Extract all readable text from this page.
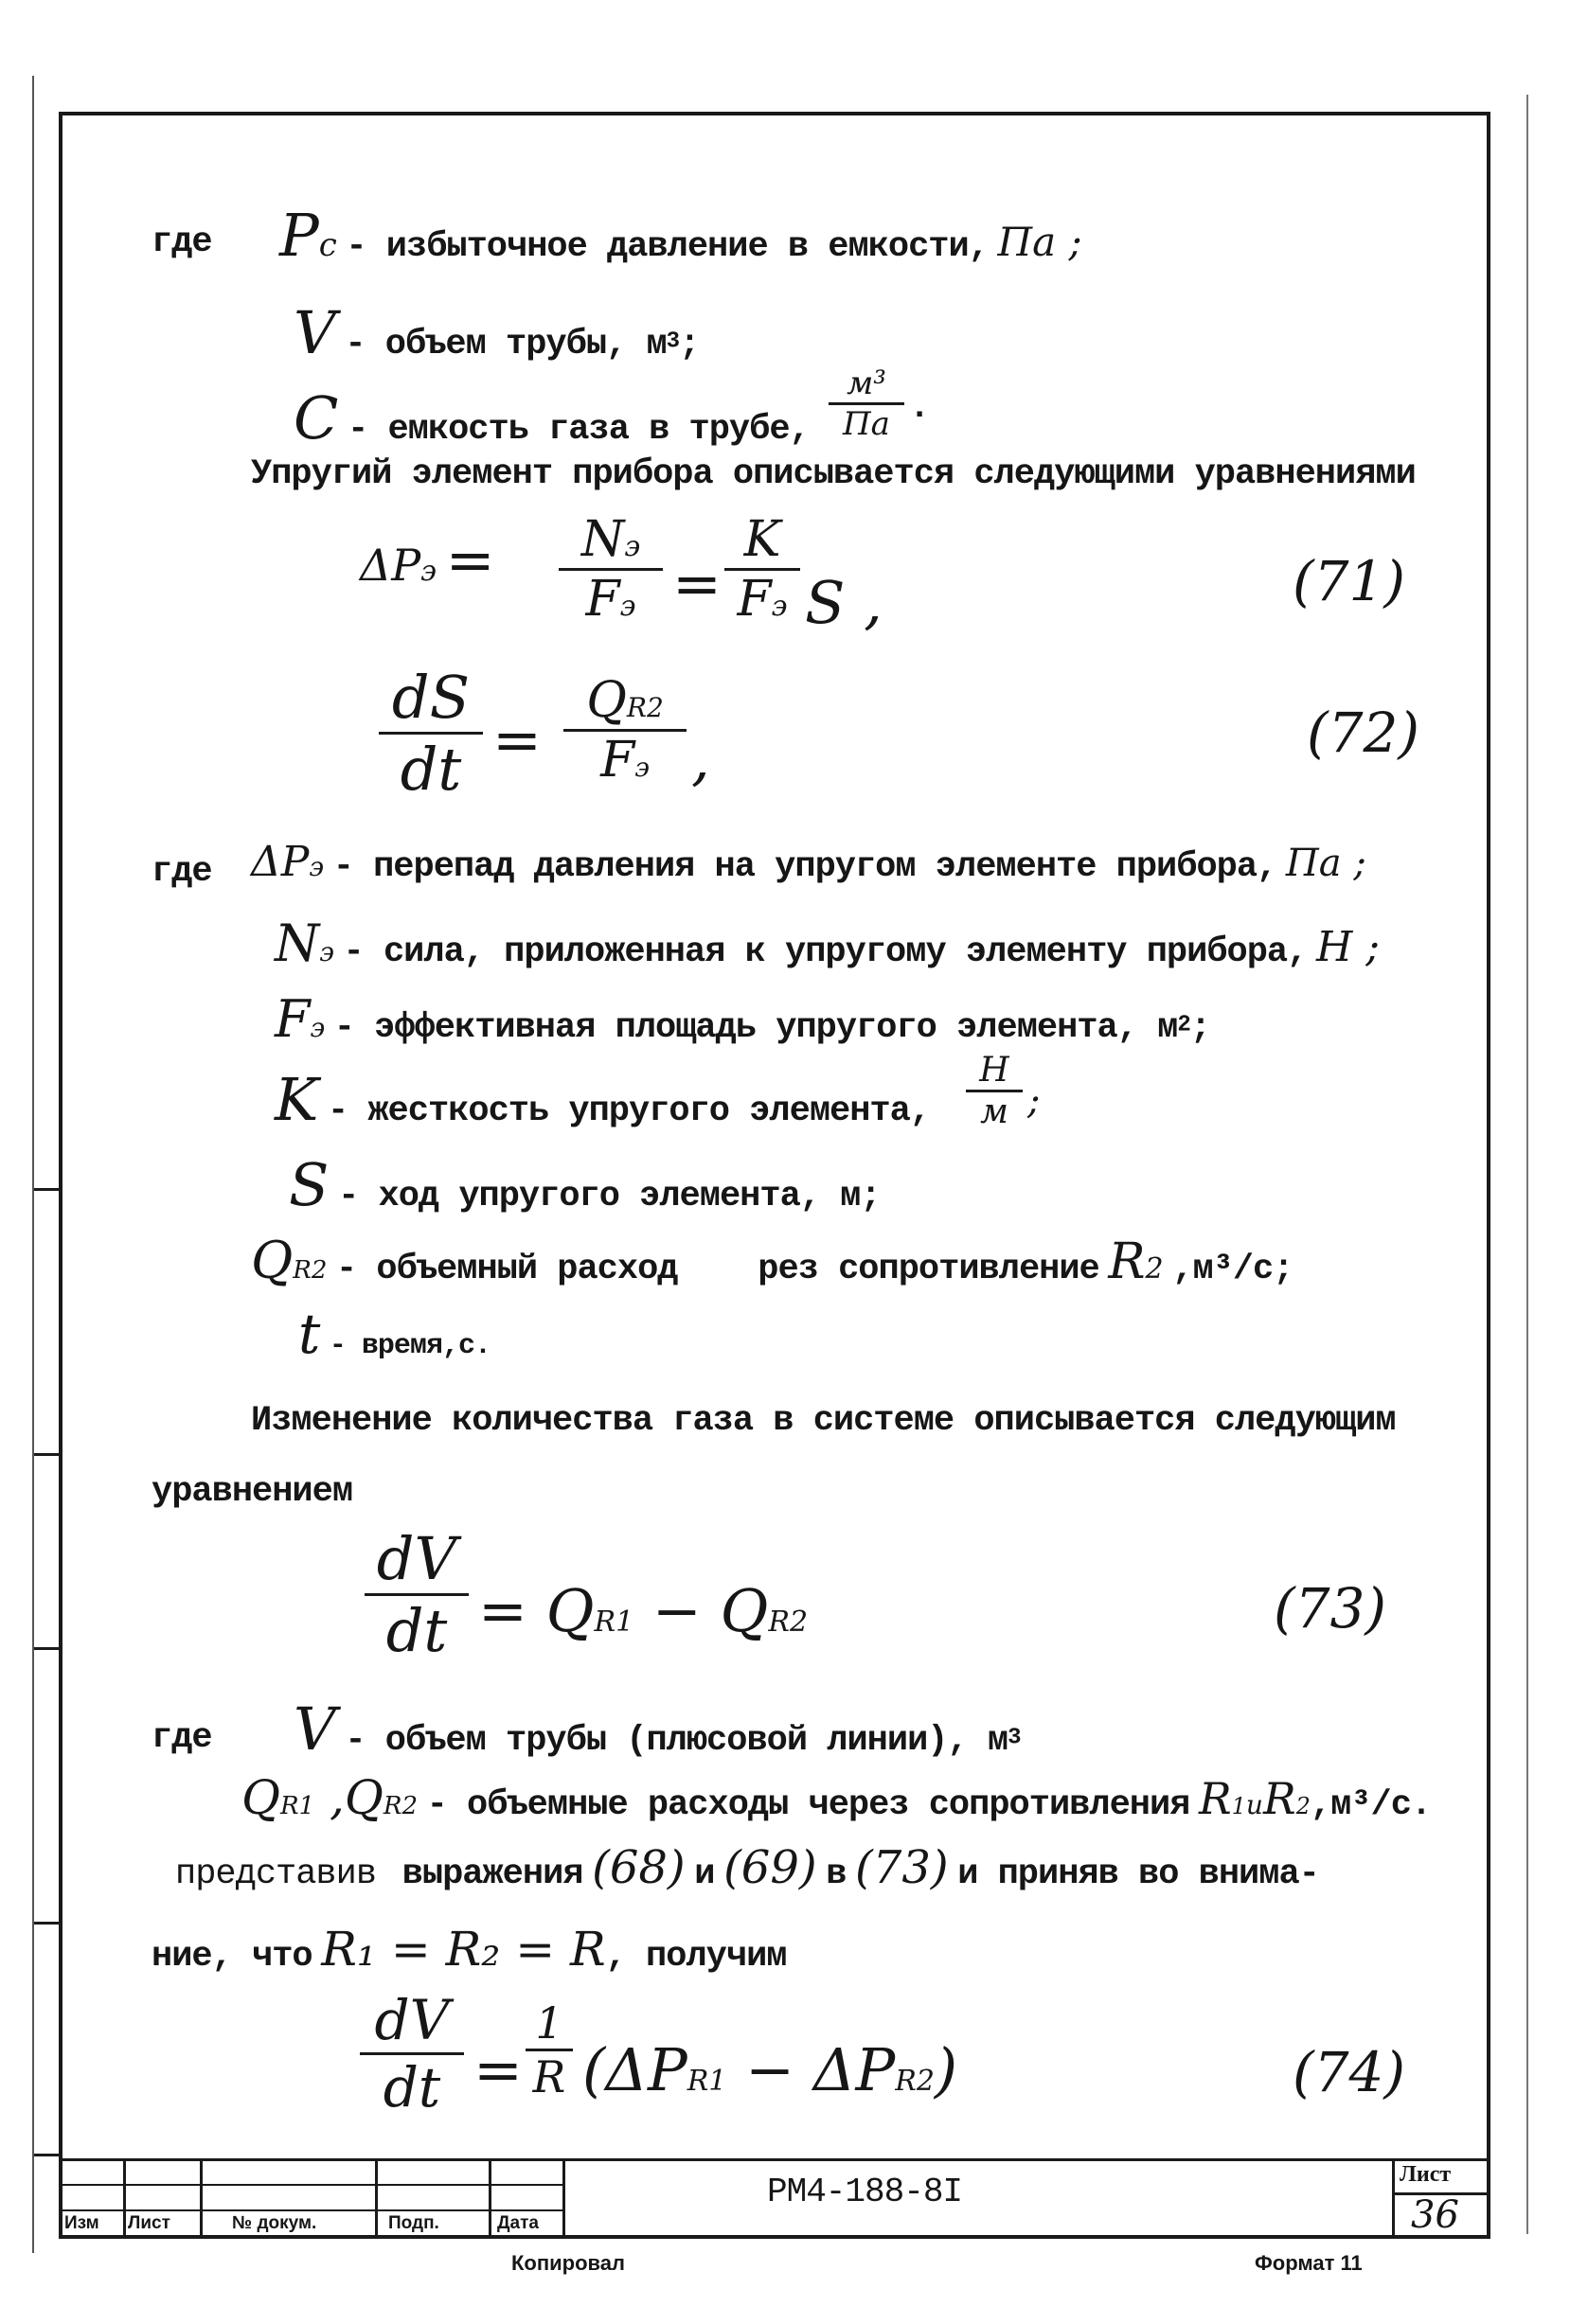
где Pc - избыточное давление в емкости, Па ;
V - объем трубы, $м^3$;
C - емкость газа в трубе,
м³
Па .
Упругий элемент прибора описывается следующими уравнениями
ΔPэ =	Nэ
Fэ =
K
Fэ S ,	(71)
dS
dt =
QR2
Fэ ,	(72)
где ΔPэ - перепад давления на упругом элементе прибора, Па ;
Nэ - сила, приложенная к упругому элементу прибора, Н ;
Fэ - эффективная площадь упругого элемента, $м^2$;
K - жесткость упругого элемента,
Н
м ;
S - ход упругого элемента, м;
QR2 - объемный расход    рез сопротивление R2 ,м³/с;
t - время,с.
Изменение количества газа в системе описывается следующим
уравнением
dV
dt = QR1 − QR2	(73)
где V - объем трубы (плюсовой линии), $м^3$
QR1 ,QR2 - объемные расходы через сопротивления R1иR2,м³/с.
представив выражения (68) и (69) в (73) и приняв во внима-
ние, что R₁ = R₂ = R, получим
dV
dt =
1
R (ΔPR1 − ΔPR2)	(74)
РМ4-188-8I	Лист
36
Изм Лист	№ докум.	Подп.	Дата
Копировал	Формат 11
